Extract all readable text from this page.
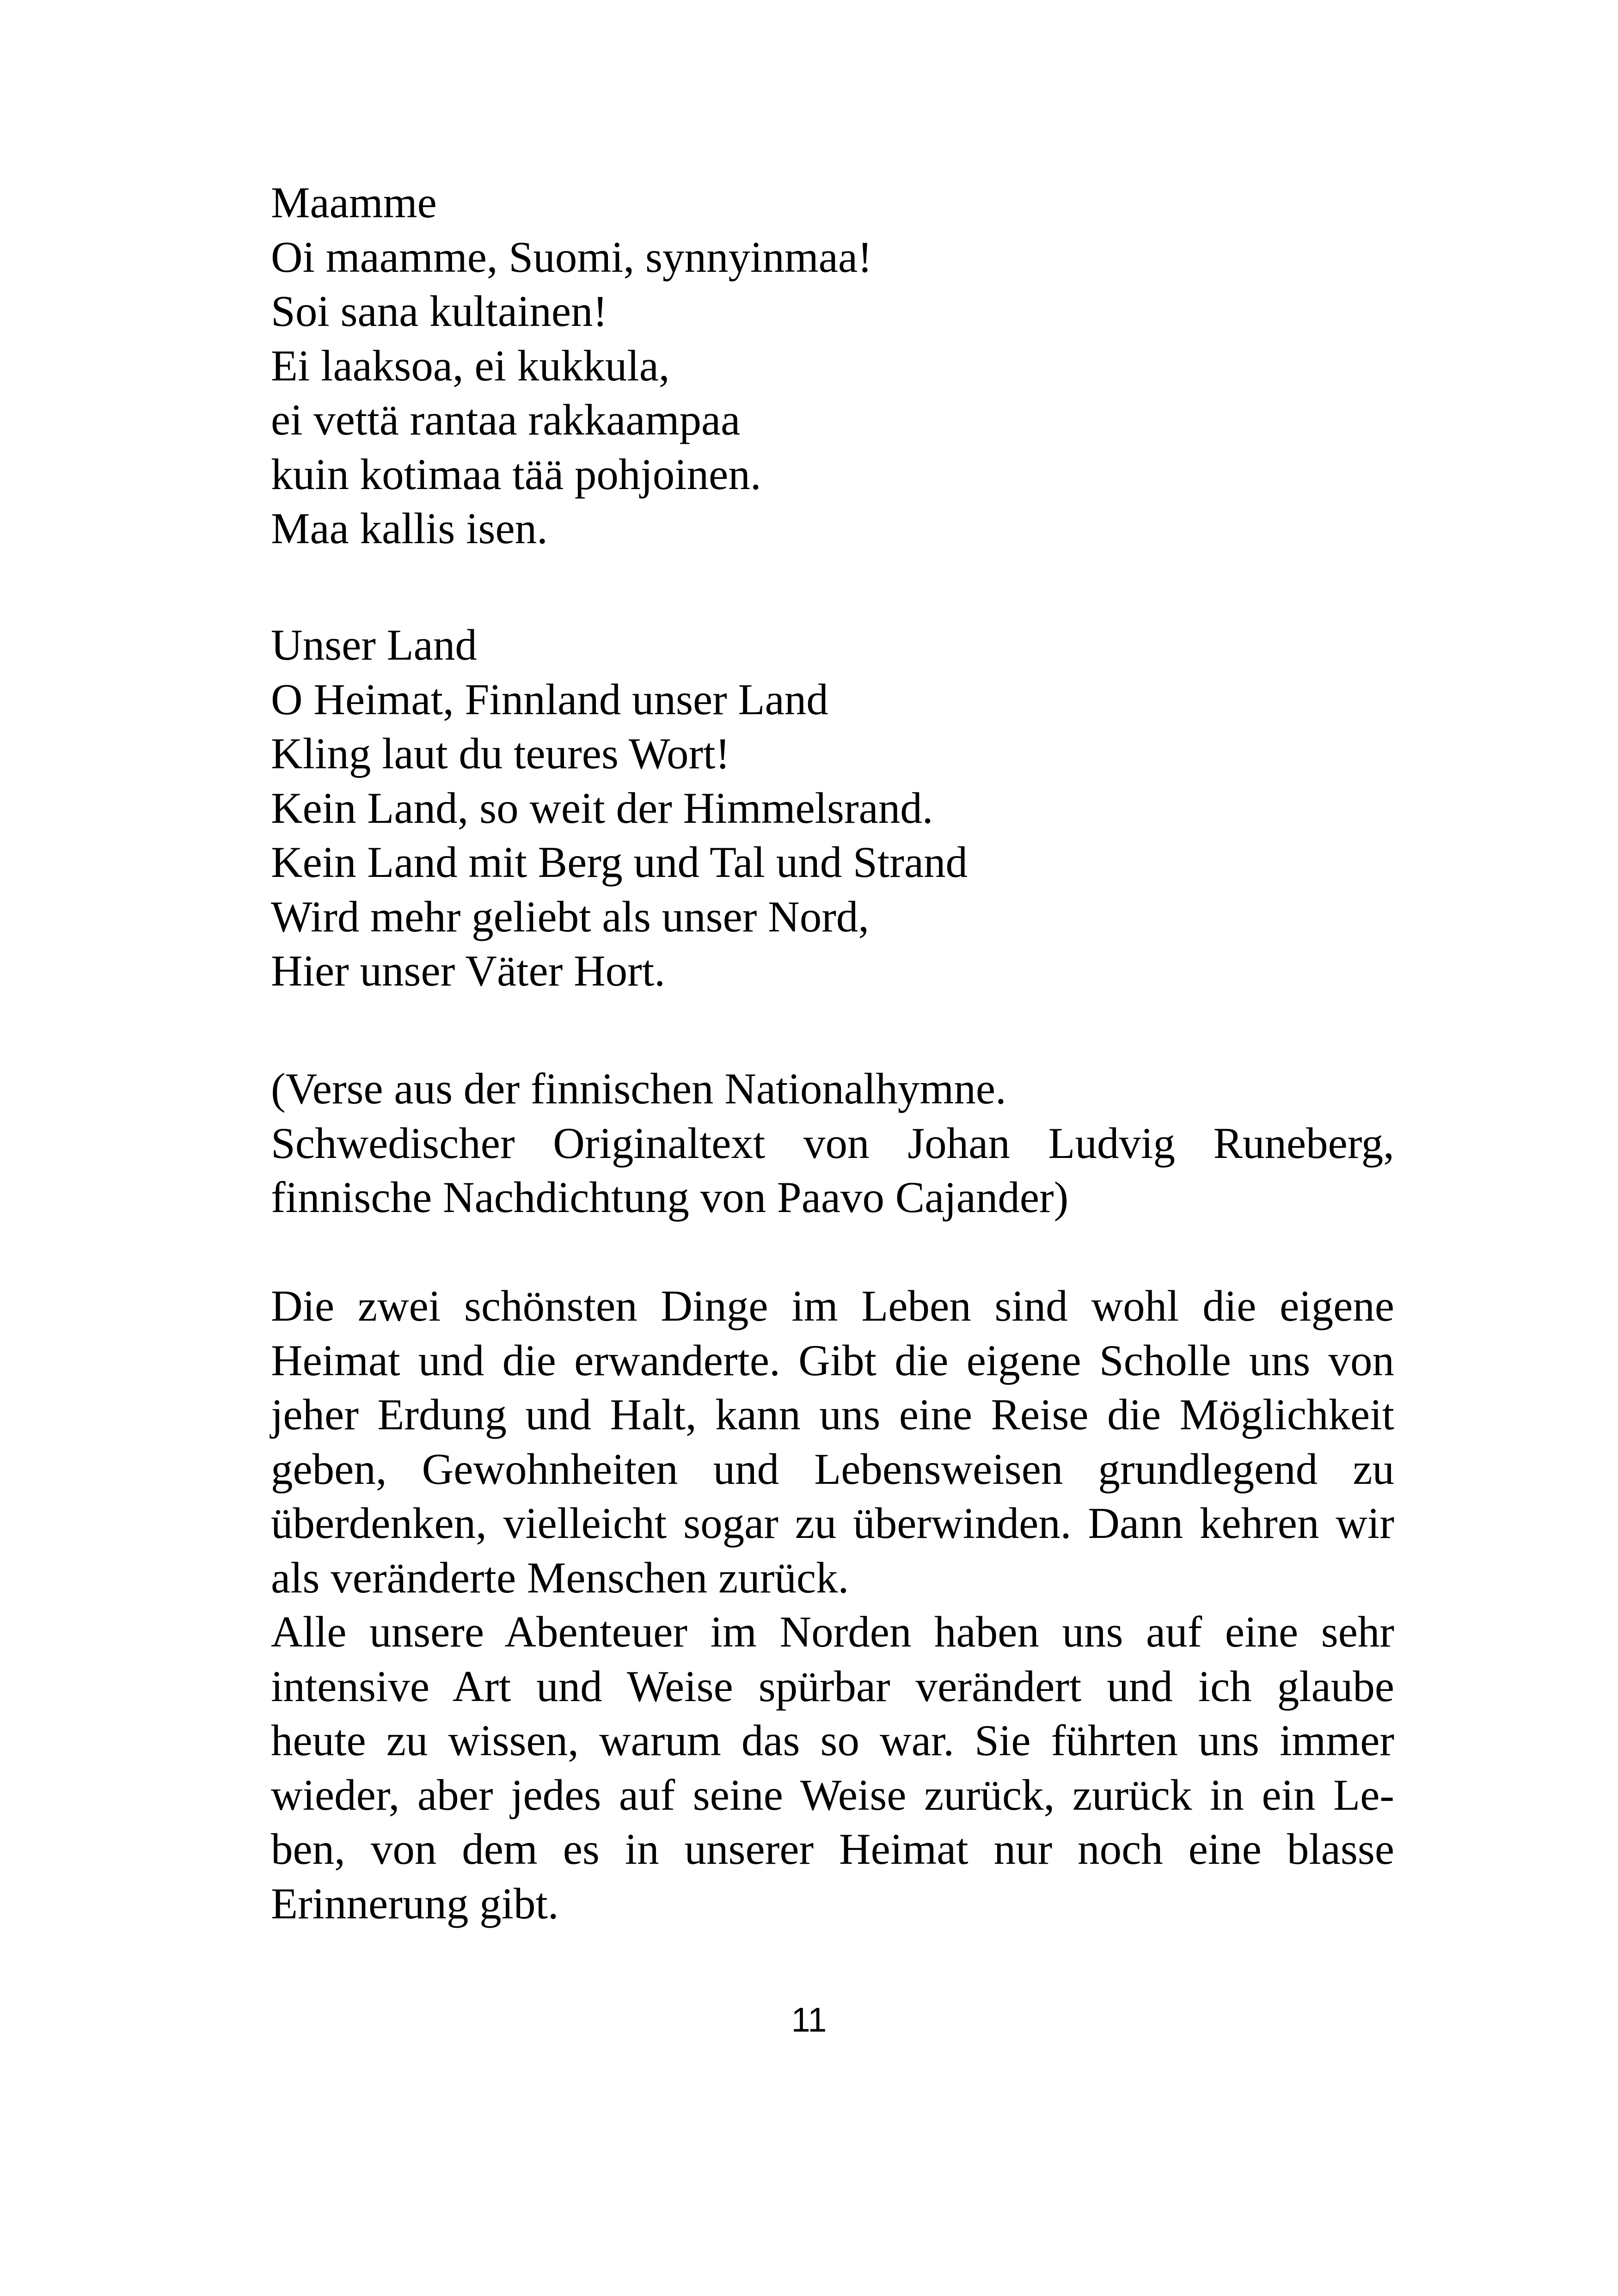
Maamme
Oi maamme, Suomi, synnyinmaa!
Soi sana kultainen!
Ei laaksoa, ei kukkula,
ei vettä rantaa rakkaampaa
kuin kotimaa tää pohjoinen.
Maa kallis isen.
Unser Land
O Heimat, Finnland unser Land
Kling laut du teures Wort!
Kein Land, so weit der Himmelsrand.
Kein Land mit Berg und Tal und Strand
Wird mehr geliebt als unser Nord,
Hier unser Väter Hort.
(Verse aus der finnischen Nationalhymne.
Schwedischer Originaltext von Johan Ludvig Runeberg,
finnische Nachdichtung von Paavo Cajander)
Die zwei schönsten Dinge im Leben sind wohl die eigene
Heimat und die erwanderte. Gibt die eigene Scholle uns von
jeher Erdung und Halt, kann uns eine Reise die Möglichkeit
geben, Gewohnheiten und Lebensweisen grundlegend zu
überdenken, vielleicht sogar zu überwinden. Dann kehren wir
als veränderte Menschen zurück.
Alle unsere Abenteuer im Norden haben uns auf eine sehr
intensive Art und Weise spürbar verändert und ich glaube
heute zu wissen, warum das so war. Sie führten uns immer
wieder, aber jedes auf seine Weise zurück, zurück in ein Le-
ben, von dem es in unserer Heimat nur noch eine blasse
Erinnerung gibt.
11
